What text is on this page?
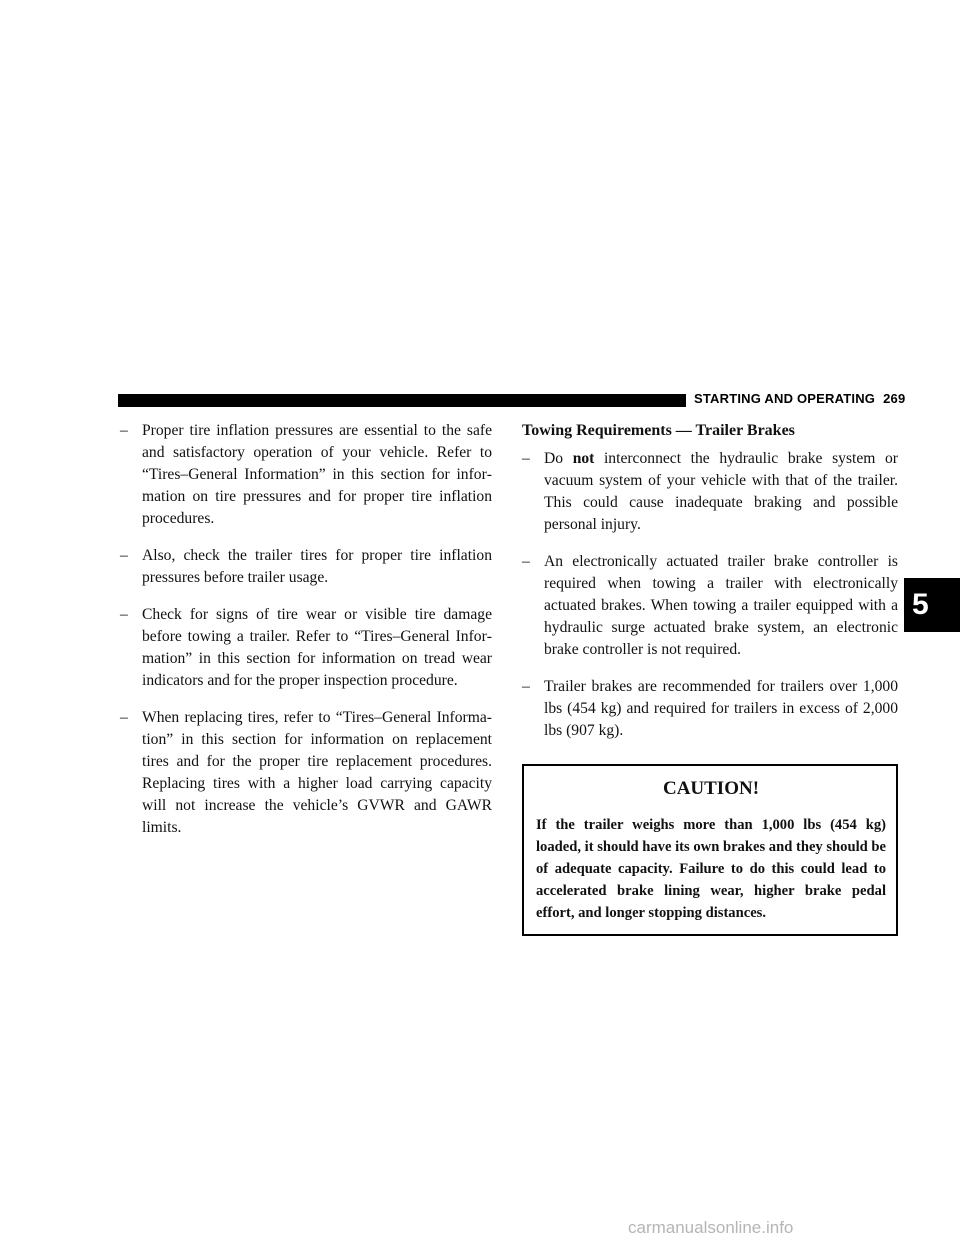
STARTING AND OPERATING 269
5

– Proper tire inflation pressures are essential to the safe and satisfactory operation of your vehicle. Refer to “Tires–General Information” in this section for information on tire pressures and for proper tire inflation procedures.

– Also, check the trailer tires for proper tire inflation pressures before trailer usage.

– Check for signs of tire wear or visible tire damage before towing a trailer. Refer to “Tires–General Information” in this section for information on tread wear indicators and for the proper inspection procedure.

– When replacing tires, refer to “Tires–General Information” in this section for information on replacement tires and for the proper tire replacement procedures. Replacing tires with a higher load carrying capacity will not increase the vehicle’s GVWR and GAWR limits.

Towing Requirements — Trailer Brakes

– Do not interconnect the hydraulic brake system or vacuum system of your vehicle with that of the trailer. This could cause inadequate braking and possible personal injury.

– An electronically actuated trailer brake controller is required when towing a trailer with electronically actuated brakes. When towing a trailer equipped with a hydraulic surge actuated brake system, an electronic brake controller is not required.

– Trailer brakes are recommended for trailers over 1,000 lbs (454 kg) and required for trailers in excess of 2,000 lbs (907 kg).

CAUTION!

If the trailer weighs more than 1,000 lbs (454 kg) loaded, it should have its own brakes and they should be of adequate capacity. Failure to do this could lead to accelerated brake lining wear, higher brake pedal effort, and longer stopping distances.

carmanualsonline.info
